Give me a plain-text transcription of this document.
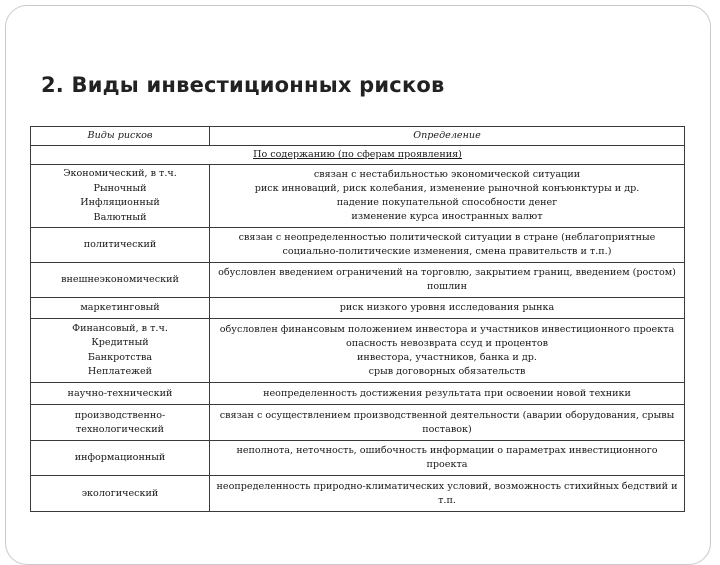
2. Виды инвестиционных рисков
Виды рисков	Определение
По содержанию (по сферам проявления)	

Экономический, в т.ч.
Рыночный
Инфляционный
Валютный	связан с нестабильностью экономической ситуации
риск инноваций, риск колебания, изменение рыночной конъюнктуры и др.
падение покупательной способности денег
изменение курса иностранных валют

политический	связан с неопределенностью политической ситуации в стране (неблагоприятные
социально-политические изменения, смена правительств и т.п.)

внешнеэкономический	обусловлен введением ограничений на торговлю, закрытием границ, введением (ростом)
пошлин

маркетинговый	риск низкого уровня исследования рынка

Финансовый, в т.ч.
Кредитный
Банкротства
Неплатежей	обусловлен финансовым положением инвестора и участников инвестиционного проекта
опасность невозврата ссуд и процентов
инвестора, участников, банка и др.
срыв договорных обязательств

научно-технический	неопределенность достижения результата при освоении новой техники

производственно-
технологический	связан с осуществлением производственной деятельности (аварии оборудования, срывы
поставок)

информационный	неполнота, неточность, ошибочность информации о параметрах инвестиционного
проекта

экологический	неопределенность природно-климатических условий, возможность стихийных бедствий и
т.п.
